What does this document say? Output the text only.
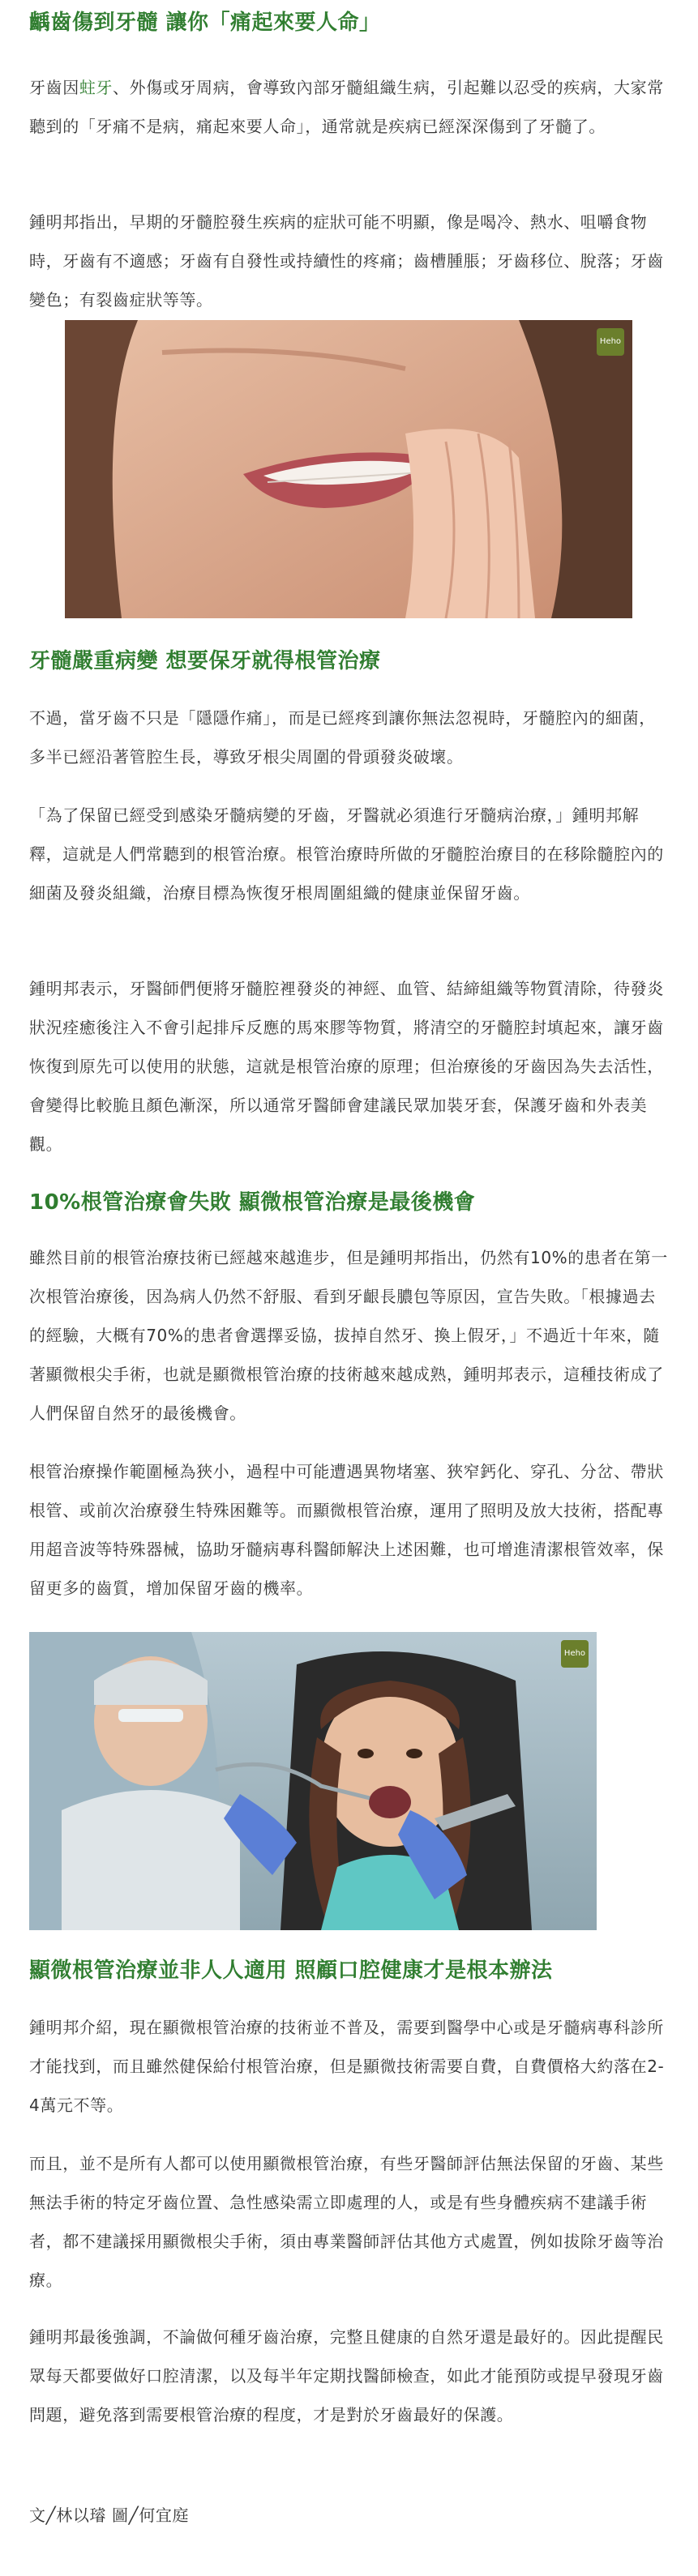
齲齒傷到牙髓 讓你「痛起來要人命」

牙齒因蛀牙、外傷或牙周病，會導致內部牙髓組織生病，引起難以忍受的疾病，大家常聽到的「牙痛不是病，痛起來要人命」，通常就是疾病已經深深傷到了牙髓了。

鍾明邦指出，早期的牙髓腔發生疾病的症狀可能不明顯，像是喝冷、熱水、咀嚼食物時，牙齒有不適感；牙齒有自發性或持續性的疼痛；齒槽腫脹；牙齒移位、脫落；牙齒變色；有裂齒症狀等等。

Heho
牙髓嚴重病變 想要保牙就得根管治療

不過，當牙齒不只是「隱隱作痛」，而是已經疼到讓你無法忽視時，牙髓腔內的細菌，多半已經沿著管腔生長，導致牙根尖周圍的骨頭發炎破壞。

「為了保留已經受到感染牙髓病變的牙齒，牙醫就必須進行牙髓病治療，」鍾明邦解釋，這就是人們常聽到的根管治療。根管治療時所做的牙髓腔治療目的在移除髓腔內的細菌及發炎組織，治療目標為恢復牙根周圍組織的健康並保留牙齒。

鍾明邦表示，牙醫師們便將牙髓腔裡發炎的神經、血管、結締組織等物質清除，待發炎狀況痊癒後注入不會引起排斥反應的馬來膠等物質，將清空的牙髓腔封填起來，讓牙齒恢復到原先可以使用的狀態，這就是根管治療的原理；但治療後的牙齒因為失去活性，會變得比較脆且顏色漸深，所以通常牙醫師會建議民眾加裝牙套，保護牙齒和外表美觀。

10%根管治療會失敗 顯微根管治療是最後機會

雖然目前的根管治療技術已經越來越進步，但是鍾明邦指出，仍然有10%的患者在第一次根管治療後，因為病人仍然不舒服、看到牙齦長膿包等原因，宣告失敗。「根據過去的經驗，大概有70%的患者會選擇妥協，拔掉自然牙、換上假牙，」不過近十年來，隨著顯微根尖手術，也就是顯微根管治療的技術越來越成熟，鍾明邦表示，這種技術成了人們保留自然牙的最後機會。

根管治療操作範圍極為狹小，過程中可能遭遇異物堵塞、狹窄鈣化、穿孔、分岔、帶狀根管、或前次治療發生特殊困難等。而顯微根管治療，運用了照明及放大技術，搭配專用超音波等特殊器械，協助牙髓病專科醫師解決上述困難，也可增進清潔根管效率，保留更多的齒質，增加保留牙齒的機率。

Heho
顯微根管治療並非人人適用 照顧口腔健康才是根本辦法

鍾明邦介紹，現在顯微根管治療的技術並不普及，需要到醫學中心或是牙髓病專科診所才能找到，而且雖然健保給付根管治療，但是顯微技術需要自費，自費價格大約落在2-4萬元不等。

而且，並不是所有人都可以使用顯微根管治療，有些牙醫師評估無法保留的牙齒、某些無法手術的特定牙齒位置、急性感染需立即處理的人，或是有些身體疾病不建議手術者，都不建議採用顯微根尖手術，須由專業醫師評估其他方式處置，例如拔除牙齒等治療。

鍾明邦最後強調，不論做何種牙齒治療，完整且健康的自然牙還是最好的。因此提醒民眾每天都要做好口腔清潔，以及每半年定期找醫師檢查，如此才能預防或提早發現牙齒問題，避免落到需要根管治療的程度，才是對於牙齒最好的保護。

文╱林以璿 圖╱何宜庭
